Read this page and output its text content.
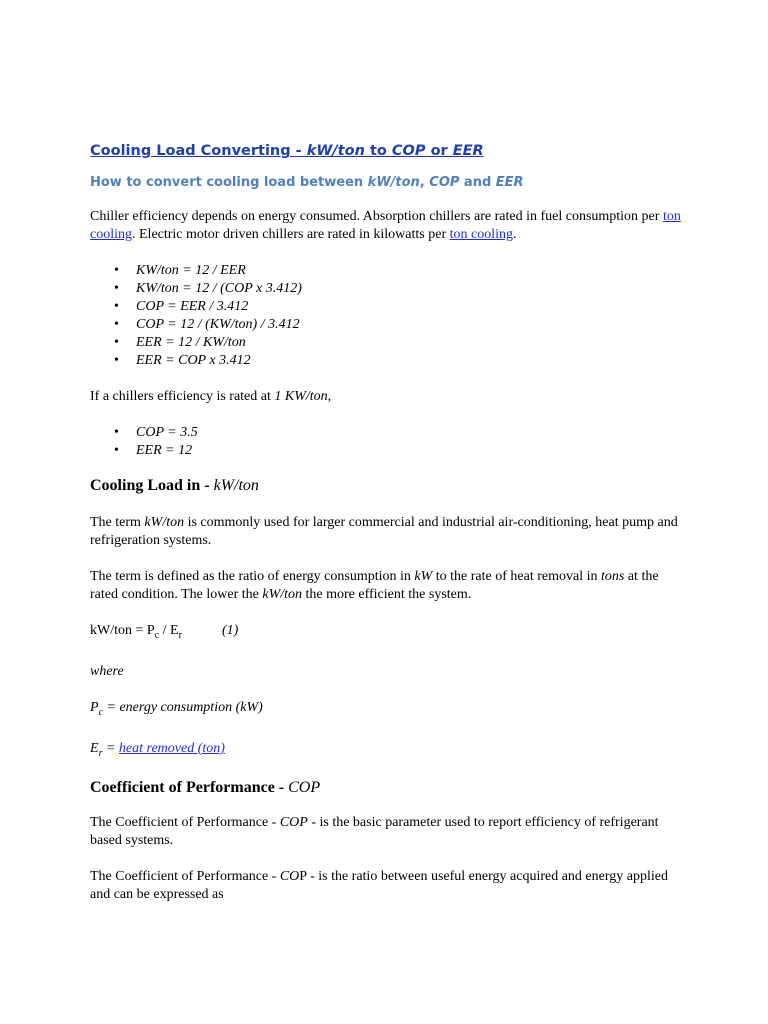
Cooling Load Converting - kW/ton to COP or EER
How to convert cooling load between kW/ton, COP and EER

Chiller efficiency depends on energy consumed. Absorption chillers are rated in fuel consumption per ton cooling. Electric motor driven chillers are rated in kilowatts per ton cooling.

• KW/ton = 12 / EER
• KW/ton = 12 / (COP x 3.412)
• COP = EER / 3.412
• COP = 12 / (KW/ton) / 3.412
• EER = 12 / KW/ton
• EER = COP x 3.412

If a chillers efficiency is rated at 1 KW/ton,

• COP = 3.5
• EER = 12
Cooling Load in - kW/ton

The term kW/ton is commonly used for larger commercial and industrial air-conditioning, heat pump and refrigeration systems.

The term is defined as the ratio of energy consumption in kW to the rate of heat removal in tons at the rated condition. The lower the kW/ton the more efficient the system.

$kW/ton = P_c / E_r$	(1)

where

$P_c$ = energy consumption (kW)

$E_r$ = heat removed (ton)

Coefficient of Performance - COP

The Coefficient of Performance - COP - is the basic parameter used to report efficiency of refrigerant based systems.

The Coefficient of Performance - COP - is the ratio between useful energy acquired and energy applied and can be expressed as
